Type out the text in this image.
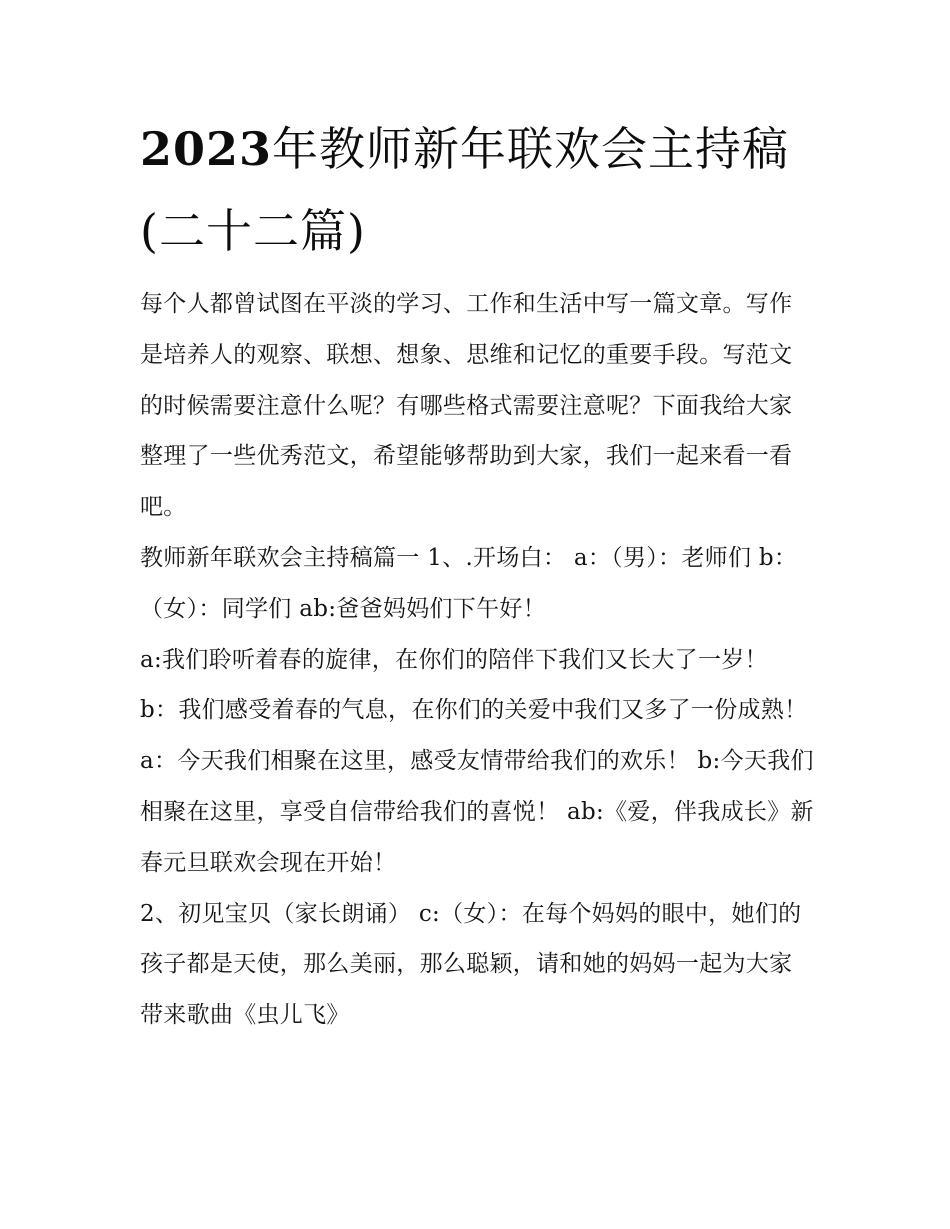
2023年教师新年联欢会主持稿(二十二篇)

每个人都曾试图在平淡的学习、工作和生活中写一篇文章。写作是培养人的观察、联想、想象、思维和记忆的重要手段。写范文的时候需要注意什么呢？有哪些格式需要注意呢？下面我给大家整理了一些优秀范文，希望能够帮助到大家，我们一起来看一看吧。

教师新年联欢会主持稿篇一 1、.开场白： a：（男）：老师们 b：（女）：同学们 ab:爸爸妈妈们下午好！

a:我们聆听着春的旋律，在你们的陪伴下我们又长大了一岁！

b：我们感受着春的气息，在你们的关爱中我们又多了一份成熟！

a：今天我们相聚在这里，感受友情带给我们的欢乐！ b:今天我们相聚在这里，享受自信带给我们的喜悦！ ab:《爱，伴我成长》新春元旦联欢会现在开始！

2、初见宝贝（家长朗诵） c:（女）：在每个妈妈的眼中，她们的孩子都是天使，那么美丽，那么聪颖，请和她的妈妈一起为大家带来歌曲《虫儿飞》
